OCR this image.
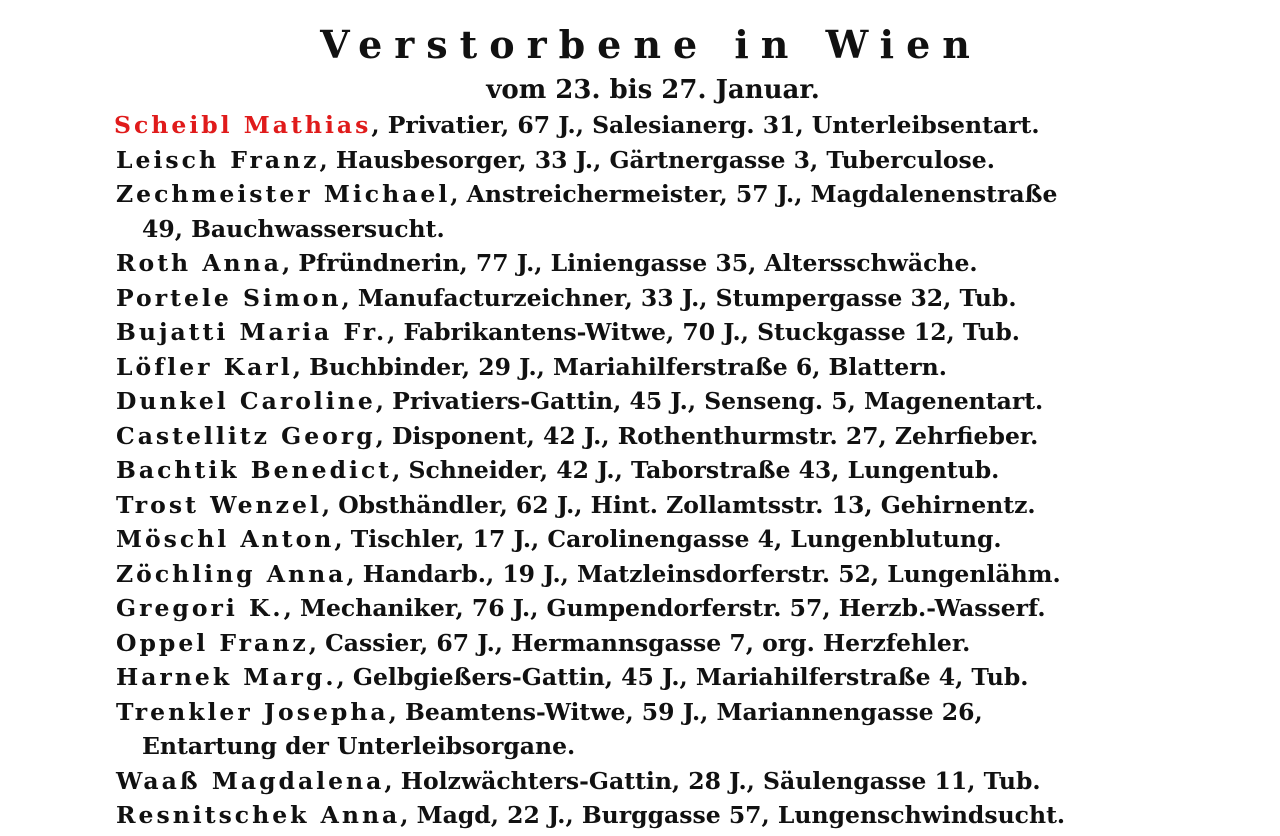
Verstorbene in Wien
vom 23. bis 27. Januar.
Scheibl Mathias, Privatier, 67 J., Salesianerg. 31, Unterleibsentart.
Leisch Franz, Hausbesorger, 33 J., Gärtnergasse 3, Tuberculose.
Zechmeister Michael, Anstreichermeister, 57 J., Magdalenenstraße
49, Bauchwassersucht.
Roth Anna, Pfründnerin, 77 J., Liniengasse 35, Altersschwäche.
Portele Simon, Manufacturzeichner, 33 J., Stumpergasse 32, Tub.
Bujatti Maria Fr., Fabrikantens-Witwe, 70 J., Stuckgasse 12, Tub.
Löfler Karl, Buchbinder, 29 J., Mariahilferstraße 6, Blattern.
Dunkel Caroline, Privatiers-Gattin, 45 J., Senseng. 5, Magenentart.
Castellitz Georg, Disponent, 42 J., Rothenthurmstr. 27, Zehrfieber.
Bachtik Benedict, Schneider, 42 J., Taborstraße 43, Lungentub.
Trost Wenzel, Obsthändler, 62 J., Hint. Zollamtsstr. 13, Gehirnentz.
Möschl Anton, Tischler, 17 J., Carolinengasse 4, Lungenblutung.
Zöchling Anna, Handarb., 19 J., Matzleinsdorferstr. 52, Lungenlähm.
Gregori K., Mechaniker, 76 J., Gumpendorferstr. 57, Herzb.-Wasserf.
Oppel Franz, Cassier, 67 J., Hermannsgasse 7, org. Herzfehler.
Harnek Marg., Gelbgießers-Gattin, 45 J., Mariahilferstraße 4, Tub.
Trenkler Josepha, Beamtens-Witwe, 59 J., Mariannengasse 26,
Entartung der Unterleibsorgane.
Waaß Magdalena, Holzwächters-Gattin, 28 J., Säulengasse 11, Tub.
Resnitschek Anna, Magd, 22 J., Burggasse 57, Lungenschwindsucht.
